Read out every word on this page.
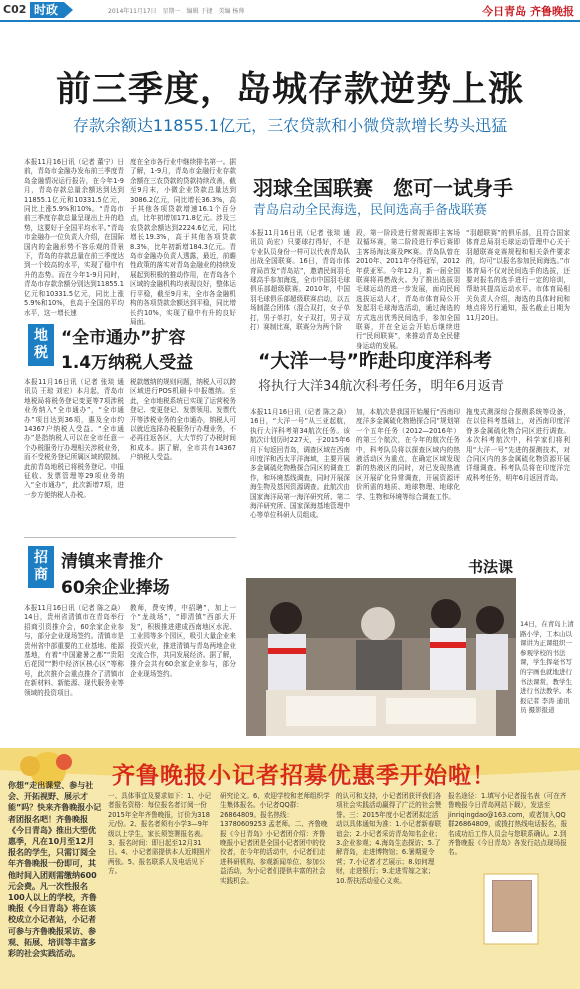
C02 时政	2014年11月17日　星期一　编辑 于捷　美编 杨帅	今日青岛 齐鲁晚报
前三季度，岛城存款逆势上涨
存款余额达11855.1亿元，三农贷款和小微贷款增长势头迅猛
本报11月16日讯（记者 董宁）日前，青岛市金融办发布前三季度青岛金融情况运行报告，在今年1-9月，青岛存款总量余额达到达到11855.1亿元和10331.5亿元，同比上涨5.9%和10%。“青岛市前三季度存款总量呈现出上升的趋势，这要好于全国平均水平。”青岛市金融办一位负责人介绍，在国际国内的金融形势不容乐观的背景下，青岛的存款总量在前三季度达到一个较高的水平，实现了稳中有升的态势。而在今年1-9月同时，青岛市存款余额分别达到11855.1亿元和10331.5亿元，同比上涨5.9%和10%，也高于全国的平均水平，这一增长速
度在全市各行业中继续排名第一。据了解，1-9月，青岛市金融行业存款余额在三农贷款的贷款持续改善，截至9月末，小微企业贷款总量达到3086.2亿元，同比增长36.3%，高于其他各项贷款增速16.1个百分点，比年初增加171.8亿元。涉及三农贷款余额达到2224.6亿元，同比增长19.3%，高于其他各项贷款8.3%，比年初新增184.3亿元。青岛市金融办负责人透露，最近，前瞻性政策的落实对青岛金融业的持续发展起到积极的推动作用，在青岛各个区域的金融机构均表现良好，整体运行平稳，截至9月末，全市各金融机构的各项贷款余额达到平稳，同比增长约10%，实现了稳中有升的良好局面。
羽球全国联赛　您可一试身手
青岛启动全民海选，民间选高手备战联赛
本报11月16日讯（记者 张琰 通讯员 尚宏）只要球打得好，不是专业队员身份一样可以代表青岛队出战全国联赛。16日，青岛市体育局首发“青岛站”，邀请民间羽毛球高手参加海选，全市中国羽毛球俱乐部超级联赛。2010年，中国羽毛球俱乐部超级联赛启动，以五场制混合团体（混合双打，女子单打，男子单打，女子双打，男子双打）赛制比赛，联赛分为两个阶
段，第一阶段进行常规赛即主客场双循环赛，第二阶段进行季后赛即主客场淘汰赛及PK赛。青岛队曾在2010年、2011年夺得冠军，2012年获亚军。今年12月，新一届全国联赛将再燃战火。为了推出选拔羽毛球运动的进一步发展，面向民间选拔运动人才，青岛市体育局公开发起羽毛球海选活动，通过海选的方式选出优秀民间选手，参加全国联赛，并在全运会开始后继续进行“民间联赛”，来推动青岛全民健身运动的发展。
“羽超联赛”的俱乐部，且符合国家体育总局羽毛球运动管理中心关于羽超联赛竞赛规程和相关条件要求的，均可“以报名参加民间海选。”市体育局不仅对民间选手的选拔，还要对报名的选手进行一定的培训，帮助其提高运动水平。市体育局相关负责人介绍，海选的具体时间和地点将另行通知，报名截止日期为11月20日。
地税
“全市通办”扩容
1.4万纳税人受益
本报11月16日讯（记者 张琰 通讯员 王琼 刘宏）本月起，青岛市地税局将税务登记变更等7项涉税业务纳入“全市通办”，“全市通办”项目达到36项，惠及全市约14367户纳税人受益。“全市通办”是指纳税人可以在全市任意一个办税服务厅办理相关涉税业务，而不受税务登记所属区域的限制。此前青岛地税已将税务登记、申报征收、发票管理等29项业务纳入“全市通办”，此次新增7项，进一步方便纳税人办税。
税款缴纳的规则问题，纳税人可以跨区域进行POS机刷卡申报缴纳。至此，全市地税系统已实现了运营税务登记、变更登记、发票领用、发票代开等涉税业务的全市通办，纳税人可以就近选择办税服务厅办理业务，不必再往返各区，大大节约了办税时间和成本。据了解，全市共有14367户纳税人受益。
“大洋一号”昨赴印度洋科考
将执行大洋34航次科考任务，明年6月返青
本报11月16日讯（记者 陈之焱）16日，“大洋一号”从三亚起航，执行大洋科考第34航次任务。该航次计划历时227天，于2015年6月下旬返回青岛，调查区域在西南印度洋和西太平洋海域，主要开展多金属硫化物勘探合同区的调查工作，和环境基线调查，同时开展深海生物及基因资源调查。此航次由国家海洋局第一海洋研究所、第二海洋研究所、国家深海基地管理中心等单位科研人员组成。
加，本航次是我国开始履行“西南印度洋多金属硫化物勘探合同”规划第一个五年任务（2012—2016年）的第三个航次，在今年的航次任务中，科考队员将以探查区域内的热液活动区为重点，在确定区域发现新的热液区的同时，对已发现热液区开展矿化异常调查，开展资源评价所需的地质、地球物理、地球化学、生物和环境等综合调查工作。
拖曳式测深综合探测系统等设备，在以往科考基础上，对西南印度洋脊多金属硫化物合同区进行调查。本次科考航次中，科学家们将利用“大洋一号”先进的探测技术，对合同区内的多金属硫化物资源开展详细调查。科考队员将在印度洋完成科考任务，明年6月返回青岛。
招商
清镇来青推介
60余企业捧场
本报11月16日讯（记者 陈之焱）14日，贵州省清镇市在青岛举行招商引资推介会，60余家企业参与，部分企业现场签约。清镇市是贵州省中部重要的工业基地、能源基地，有着“中国避暑之都”“贵阳后花园”“黔中经济区核心区”等称号，此次推介会重点推介了清镇市在新材料、新能源、现代服务业等领域的投资项目。
教师，费安博，中招聘”，加上一个“龙战场”，“即清镇”西部大开发”，积极推进建成西南地区水泥、工业园等多个园区，吸引大量企业来投资兴业，推进清镇与青岛两地企业交流合作，共同发展经济。据了解，推介会共有60余家企业参与，部分企业现场签约。
书法课
14日，在青岛上清路小学，工本山以课讲为正课组织一参观学校的书法课，学生挥毫书写的字画也就地进行书法课赏，教学生进行书法教学。本报记者 李涛 通讯员 摄影报道
齐鲁晚报小记者招募优惠季开始啦！
你想“走出课堂、参与社会、开拓视野、展示才能”吗？快来齐鲁晚报小记者团报名吧！齐鲁晚报《今日青岛》推出大型优惠季，凡在10月至12月报名的学生，只需订阅全年齐鲁晚报一份即可，其他时间入团则需缴纳600元会费。凡一次性报名100人以上的学校，齐鲁晚报《今日青岛》将在该校成立小记者站，小记者可参与齐鲁晚报采访、参观、拓展、培训等丰富多彩的社会实践活动。
一、具体事宜及要求如下：1、小记者报名资格：每位报名者订阅一份2015年全年齐鲁晚报，订价为318元/份。2、报名者须有小学3—9年级以上学生，家长须签署报名表。3、报名时间：即日起至12月31日。4、小记者需提供本人近期照片两张。5、报名联系人及电话见下方。
研究论文。6、欢迎学校和老师组织学生集体报名。小记者QQ群：26864809。报名热线：13780609253 孟老师。二、齐鲁晚报《今日青岛》小记者团介绍：齐鲁晚报小记者团是全国小记者团中的佼佼者，在今年的活动中，小记者们走进科研机构、参观新闻单位、参加公益活动，为小记者们提供丰富的社会实践机会。
的认可和支持，小记者团获评我们各项社会实践活动赢得了广泛的社会赞誉。三：2015年度小记者团拟定活动以具体通知为准：1.小记者新春联谊会；2.小记者采访青岛知名企业；3.企业参观；4.海岛生态探访；5.了解青岛，走进博物馆；6.暑期夏令营；7.小记者才艺展示；8.如何理财，走进银行；9.走进雪嫁之家；10.帮扶活动爱心义卖。
报名途径：1.填写小记者报名表（可在齐鲁晚报今日青岛网站下载），发送至jinriqingdao@163.com，或者加入QQ群26864809，或拨打热线电话报名，报名成功后工作人员会与您联系确认。2.到齐鲁晚报《今日青岛》各发行站点现场报名。
